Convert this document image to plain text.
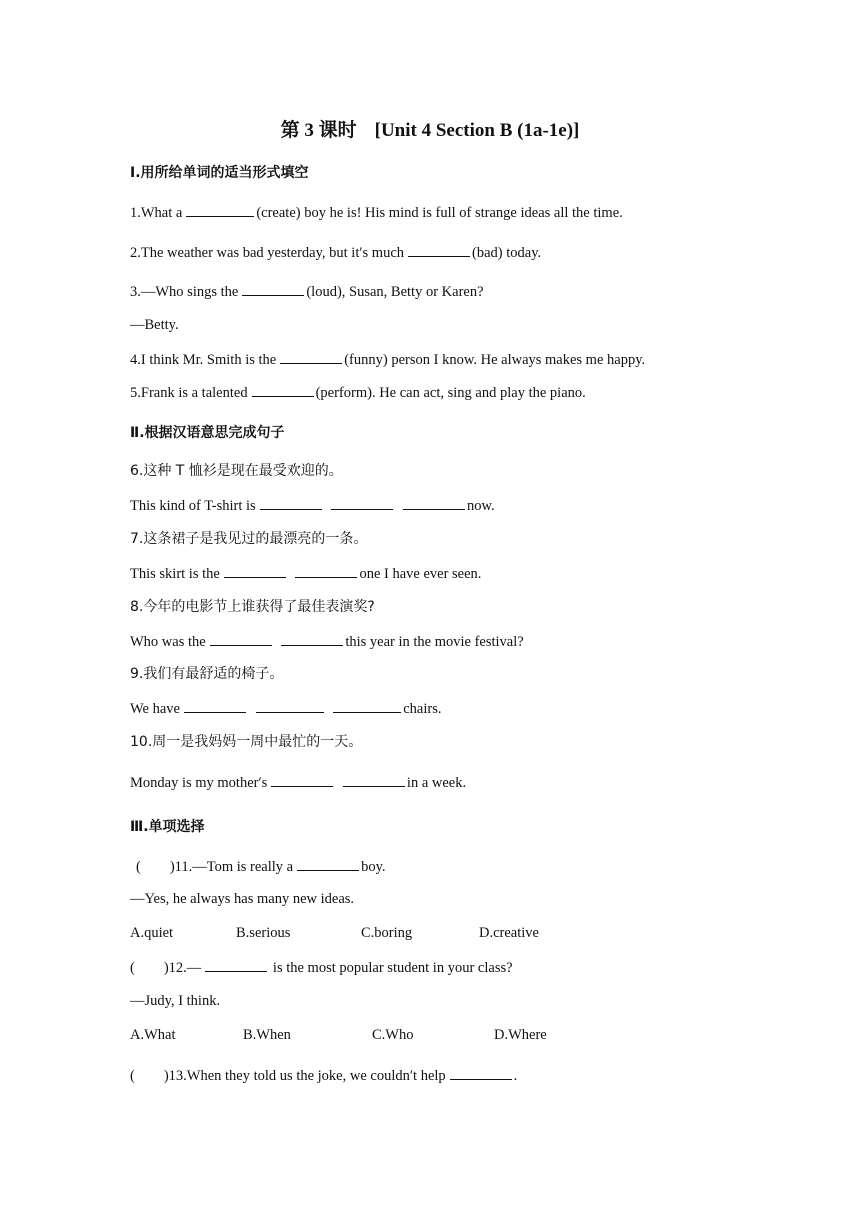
第 3 课时 [Unit 4 Section B (1a-1e)]
Ⅰ.用所给单词的适当形式填空
1.What a	(create) boy he is! His mind is full of strange ideas all the time.
2.The weather was bad yesterday, but it′s much	(bad) today.
3.—Who sings the	(loud), Susan, Betty or Karen?
—Betty.
4.I think Mr. Smith is the	(funny) person I know. He always makes me happy.
5.Frank is a talented	(perform). He can act, sing and play the piano.
Ⅱ.根据汉语意思完成句子
6.这种 T 恤衫是现在最受欢迎的。
This kind of T-shirt is	now.
7.这条裙子是我见过的最漂亮的一条。
This skirt is the	one I have ever seen.
8.今年的电影节上谁获得了最佳表演奖?
Who was the	this year in the movie festival?
9.我们有最舒适的椅子。
We have	chairs.
10.周一是我妈妈一周中最忙的一天。
Monday is my mother′s	in a week.
Ⅲ.单项选择
(　　)11.—Tom is really a	boy.
—Yes, he always has many new ideas.
A.quiet	B.serious	C.boring	D.creative
(　　)12.—	is the most popular student in your class?
—Judy, I think.
A.What	B.When	C.Who	D.Where
(　　)13.When they told us the joke, we couldn′t help	.
